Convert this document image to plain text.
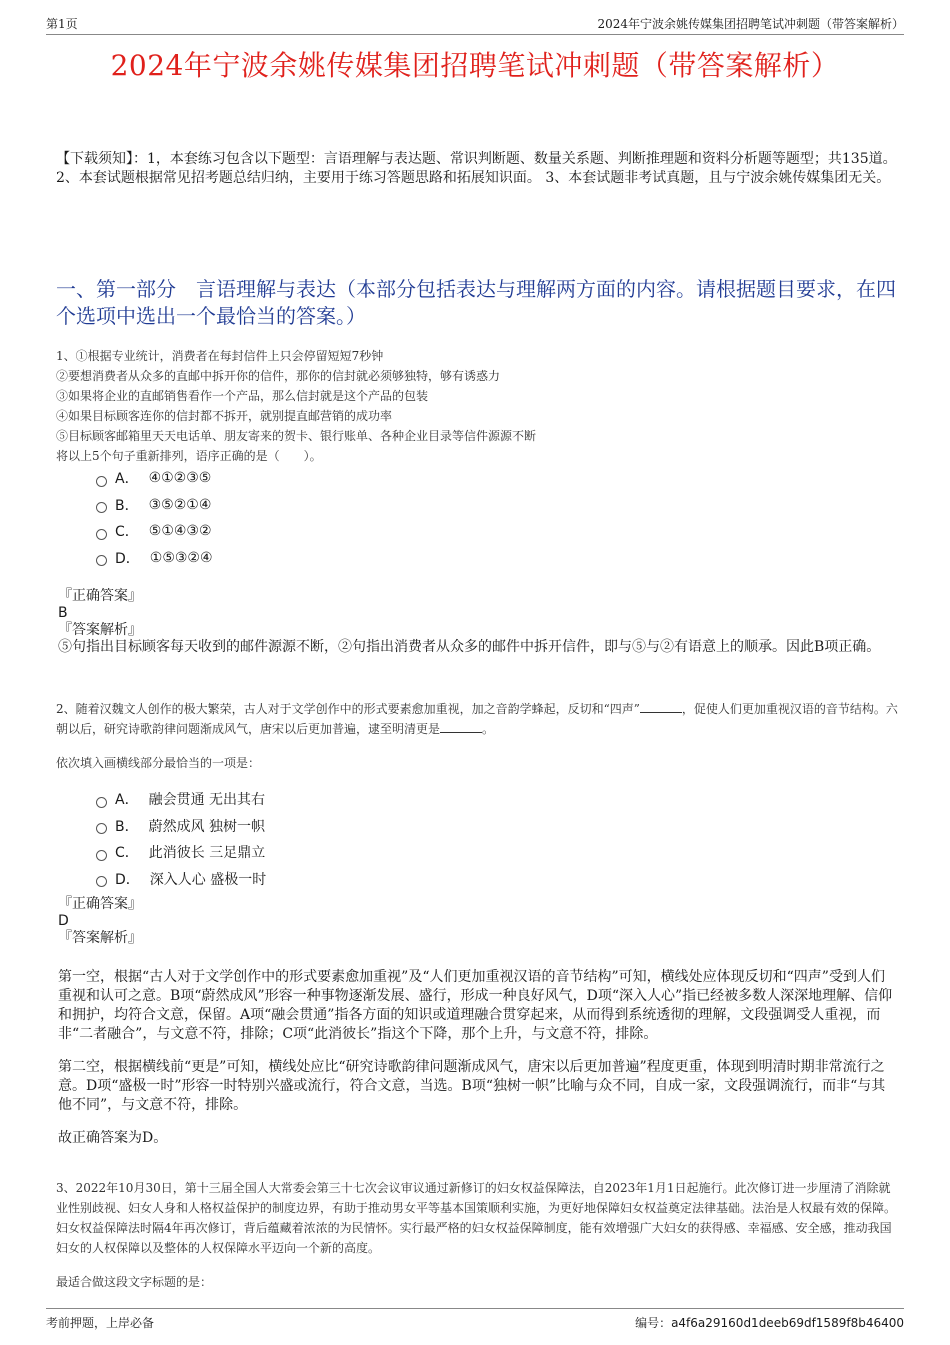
第1页	2024年宁波余姚传媒集团招聘笔试冲刺题（带答案解析）
2024年宁波余姚传媒集团招聘笔试冲刺题（带答案解析）
【下载须知】：1，本套练习包含以下题型：言语理解与表达题、常识判断题、数量关系题、判断推理题和资料分析题等题型；共135道。 2、本套试题根据常见招考题总结归纳，主要用于练习答题思路和拓展知识面。 3、本套试题非考试真题，且与宁波余姚传媒集团无关。
一、第一部分　言语理解与表达（本部分包括表达与理解两方面的内容。请根据题目要求，在四个选项中选出一个最恰当的答案。）

1、①根据专业统计，消费者在每封信件上只会停留短短7秒钟

②要想消费者从众多的直邮中拆开你的信件，那你的信封就必须够独特，够有诱惑力

③如果将企业的直邮销售看作一个产品，那么信封就是这个产品的包装

④如果目标顾客连你的信封都不拆开，就别提直邮营销的成功率

⑤目标顾客邮箱里天天电话单、朋友寄来的贺卡、银行账单、各种企业目录等信件源源不断

将以上5个句子重新排列，语序正确的是（　　）。

A． ④①②③⑤
B． ③⑤②①④
C． ⑤①④③②
D． ①⑤③②④

『正确答案』

B

『答案解析』

⑤句指出目标顾客每天收到的邮件源源不断，②句指出消费者从众多的邮件中拆开信件，即与⑤与②有语意上的顺承。因此B项正确。

2、随着汉魏文人创作的极大繁荣，古人对于文学创作中的形式要素愈加重视，加之音韵学蜂起，反切和“四声”	，促使人们更加重视汉语的音节结构。六朝以后，研究诗歌韵律问题渐成风气，唐宋以后更加普遍，逮至明清更是	。

依次填入画横线部分最恰当的一项是：
A． 融会贯通 无出其右
B． 蔚然成风 独树一帜
C． 此消彼长 三足鼎立
D． 深入人心 盛极一时

『正确答案』

D

『答案解析』

第一空，根据“古人对于文学创作中的形式要素愈加重视”及“人们更加重视汉语的音节结构”可知，横线处应体现反切和“四声”受到人们重视和认可之意。B项“蔚然成风”形容一种事物逐渐发展、盛行，形成一种良好风气，D项“深入人心”指已经被多数人深深地理解、信仰和拥护，均符合文意，保留。A项“融会贯通”指各方面的知识或道理融合贯穿起来，从而得到系统透彻的理解，文段强调受人重视，而非“二者融合”，与文意不符，排除；C项“此消彼长”指这个下降，那个上升，与文意不符，排除。

第二空，根据横线前“更是”可知，横线处应比“研究诗歌韵律问题渐成风气，唐宋以后更加普遍”程度更重，体现到明清时期非常流行之意。D项“盛极一时”形容一时特别兴盛或流行，符合文意，当选。B项“独树一帜”比喻与众不同，自成一家，文段强调流行，而非“与其他不同”，与文意不符，排除。

故正确答案为D。

3、2022年10月30日，第十三届全国人大常委会第三十七次会议审议通过新修订的妇女权益保障法，自2023年1月1日起施行。此次修订进一步厘清了消除就业性别歧视、妇女人身和人格权益保护的制度边界，有助于推动男女平等基本国策顺利实施，为更好地保障妇女权益奠定法律基础。法治是人权最有效的保障。妇女权益保障法时隔4年再次修订，背后蕴藏着浓浓的为民情怀。实行最严格的妇女权益保障制度，能有效增强广大妇女的获得感、幸福感、安全感，推动我国妇女的人权保障以及整体的人权保障水平迈向一个新的高度。
最适合做这段文字标题的是：
考前押题，上岸必备	编号：a4f6a29160d1deeb69df1589f8b46400
